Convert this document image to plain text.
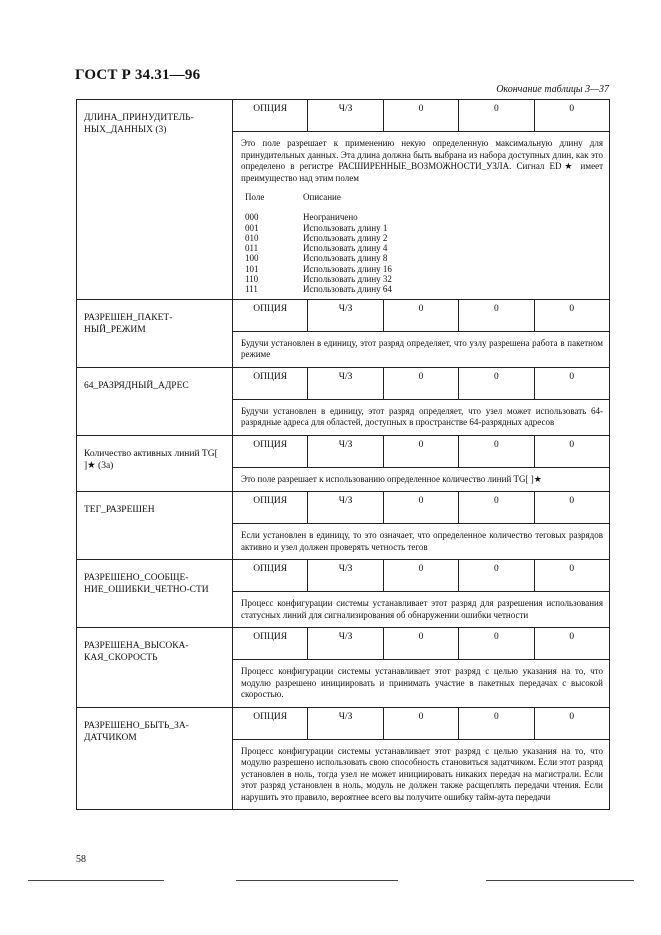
ГОСТ Р 34.31—96
Окончание таблицы 3—37
ДЛИНА_ПРИНУДИТЕЛЬ-НЫХ_ДАННЫХ (3)	
ОПЦИЯ	Ч/З	0	0	0
Это поле разрешает к применению некую определенную максимальную длину для принудительных данных. Эта длина должна быть выбрана из набора доступных длин, как это определено в регистре РАСШИРЕННЫЕ_ВОЗМОЖНОСТИ_УЗЛА. Сигнал ED★ имеет преимущество над этим полем
Поле	Описание
000	Неограничено
001	Использовать длину 1
010	Использовать длину 2
011	Использовать длину 4
100	Использовать длину 8
101	Использовать длину 16
110	Использовать длину 32
111	Использовать длину 64

РАЗРЕШЕН_ПАКЕТ-НЫЙ_РЕЖИМ	
ОПЦИЯ	Ч/З	0	0	0
Будучи установлен в единицу, этот разряд определяет, что узлу разрешена работа в пакетном режиме

64_РАЗРЯДНЫЙ_АДРЕС	
ОПЦИЯ	Ч/З	0	0	0
Будучи установлен в единицу, этот разряд определяет, что узел может использовать 64-разрядные адреса для областей, доступных в пространстве 64-разрядных адресов

Количество активных линий TG[ ]★ (3а)	
ОПЦИЯ	Ч/З	0	0	0
Это поле разрешает к использованию определенное количество линий TG[ ]★

ТЕГ_РАЗРЕШЕН	
ОПЦИЯ	Ч/З	0	0	0
Если установлен в единицу, то это означает, что определенное количество теговых разрядов активно и узел должен проверять четность тегов

РАЗРЕШЕНО_СООБЩЕ-НИЕ_ОШИБКИ_ЧЕТНО-СТИ	
ОПЦИЯ	Ч/З	0	0	0
Процесс конфигурации системы устанавливает этот разряд для разрешения использования статусных линий для сигнализирования об обнаружении ошибки четности

РАЗРЕШЕНА_ВЫСОКА-КАЯ_СКОРОСТЬ	
ОПЦИЯ	Ч/З	0	0	0
Процесс конфигурации системы устанавливает этот разряд с целью указания на то, что модулю разрешено инициировать и принимать участие в пакетных передачах с высокой скоростью.

РАЗРЕШЕНО_БЫТЬ_ЗА-ДАТЧИКОМ	
ОПЦИЯ	Ч/З	0	0	0
Процесс конфигурации системы устанавливает этот разряд с целью указания на то, что модулю разрешено использовать свою способность становиться задатчиком. Если этот разряд установлен в ноль, тогда узел не может инициировать никаких передач на магистрали. Если этот разряд установлен в ноль, модуль не должен также расщеплять передачи чтения. Если нарушить это правило, вероятнее всего вы получите ошибку тайм-аута передачи
58
